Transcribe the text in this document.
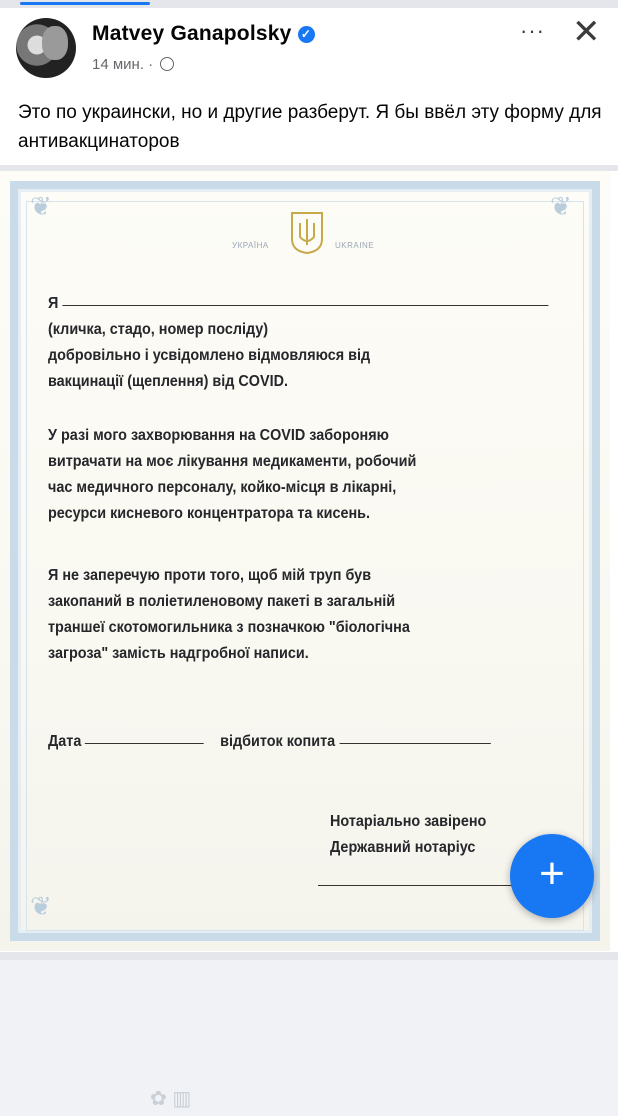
Matvey Ganapolsky ✓
14 мин. ·
··· ✕
Это по украински, но и другие разберут. Я бы ввёл эту форму для антивакцинаторов
❦	❦
❦
УКРАЇНА	UKRAINE
Я
(кличка, стадо, номер посліду)
добровільно і усвідомлено відмовляюся від
вакцинації (щеплення) від COVID.
У разі мого захворювання на COVID забороняю
витрачати на моє лікування медикаменти, робочий
час медичного персоналу, койко-місця в лікарні,
ресурси кисневого концентратора та кисень.
Я не заперечую проти того, щоб мій труп був
закопаний в поліетиленовому пакеті в загальній
траншеї скотомогильника з позначкою "біологічна
загроза" замість надгробної написи.
Дата	відбиток копита
Нотаріально завірено
Державний нотаріус
✿ ▥
+
